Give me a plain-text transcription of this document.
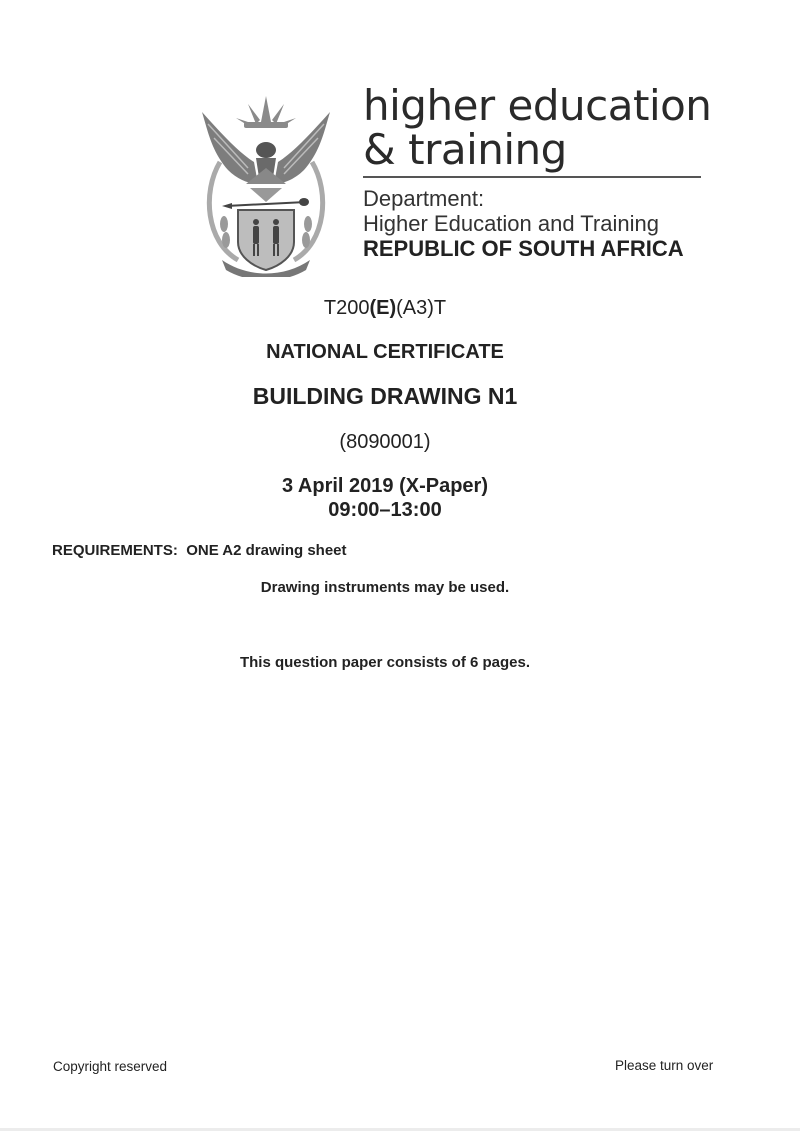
higher education
& training
Department:
Higher Education and Training
REPUBLIC OF SOUTH AFRICA
T200(E)(A3)T
NATIONAL CERTIFICATE
BUILDING DRAWING N1
(8090001)
3 April 2019 (X-Paper)
09:00–13:00
REQUIREMENTS: ONE A2 drawing sheet
Drawing instruments may be used.
This question paper consists of 6 pages.
Copyright reserved	Please turn over
